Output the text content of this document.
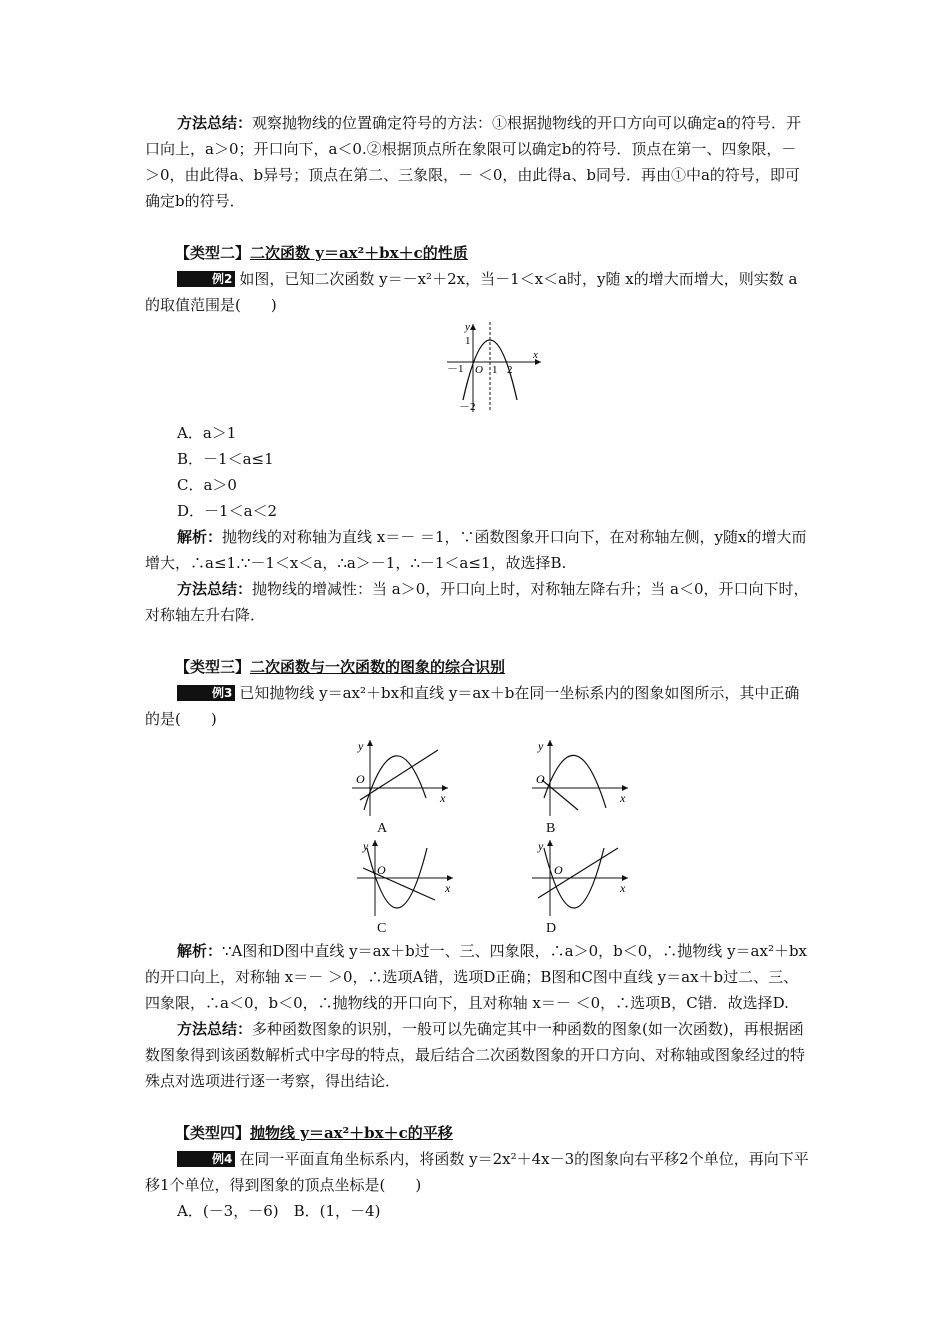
方法总结：观察抛物线的位置确定符号的方法：①根据抛物线的开口方向可以确定a的符号．开口向上，a＞0；开口向下，a＜0.②根据顶点所在象限可以确定b的符号．顶点在第一、四象限，－ ＞0，由此得a、b异号；顶点在第二、三象限，－ ＜0，由此得a、b同号．再由①中a的符号，即可确定b的符号．

【类型二】二次函数 y＝ax²＋bx＋c的性质

例2 如图，已知二次函数 y＝－x²＋2x，当－1＜x＜a时，y随 x的增大而增大，则实数 a的取值范围是(　　)

y
x
－1 O 1 2
1
－2

A．a＞1

B．－1＜a≤1

C．a＞0

D．－1＜a＜2

解析：抛物线的对称轴为直线 x＝－ ＝1，∵函数图象开口向下，在对称轴左侧，y随x的增大而增大，∴a≤1.∵－1＜x＜a，∴a＞－1，∴－1＜a≤1，故选择B.

方法总结：抛物线的增减性：当 a＞0，开口向上时，对称轴左降右升；当 a＜0，开口向下时，对称轴左升右降．

【类型三】二次函数与一次函数的图象的综合识别

例3 已知抛物线 y＝ax²＋bx和直线 y＝ax＋b在同一坐标系内的图象如图所示，其中正确的是(　　)

y
x
O
A
y
x
O
B
y
x
O
C
y
x
O
D

解析：∵A图和D图中直线 y＝ax＋b过一、三、四象限，∴a＞0，b＜0，∴抛物线 y＝ax²＋bx的开口向上，对称轴 x＝－ ＞0，∴选项A错，选项D正确；B图和C图中直线 y＝ax＋b过二、三、四象限，∴a＜0，b＜0，∴抛物线的开口向下，且对称轴 x＝－ ＜0，∴选项B，C错．故选择D.

方法总结：多种函数图象的识别，一般可以先确定其中一种函数的图象(如一次函数)，再根据函数图象得到该函数解析式中字母的特点，最后结合二次函数图象的开口方向、对称轴或图象经过的特殊点对选项进行逐一考察，得出结论．

【类型四】抛物线 y＝ax²＋bx＋c的平移

例4 在同一平面直角坐标系内，将函数 y＝2x²＋4x－3的图象向右平移2个单位，再向下平移1个单位，得到图象的顶点坐标是(　　)

A．(－3，－6)　B．(1，－4)
